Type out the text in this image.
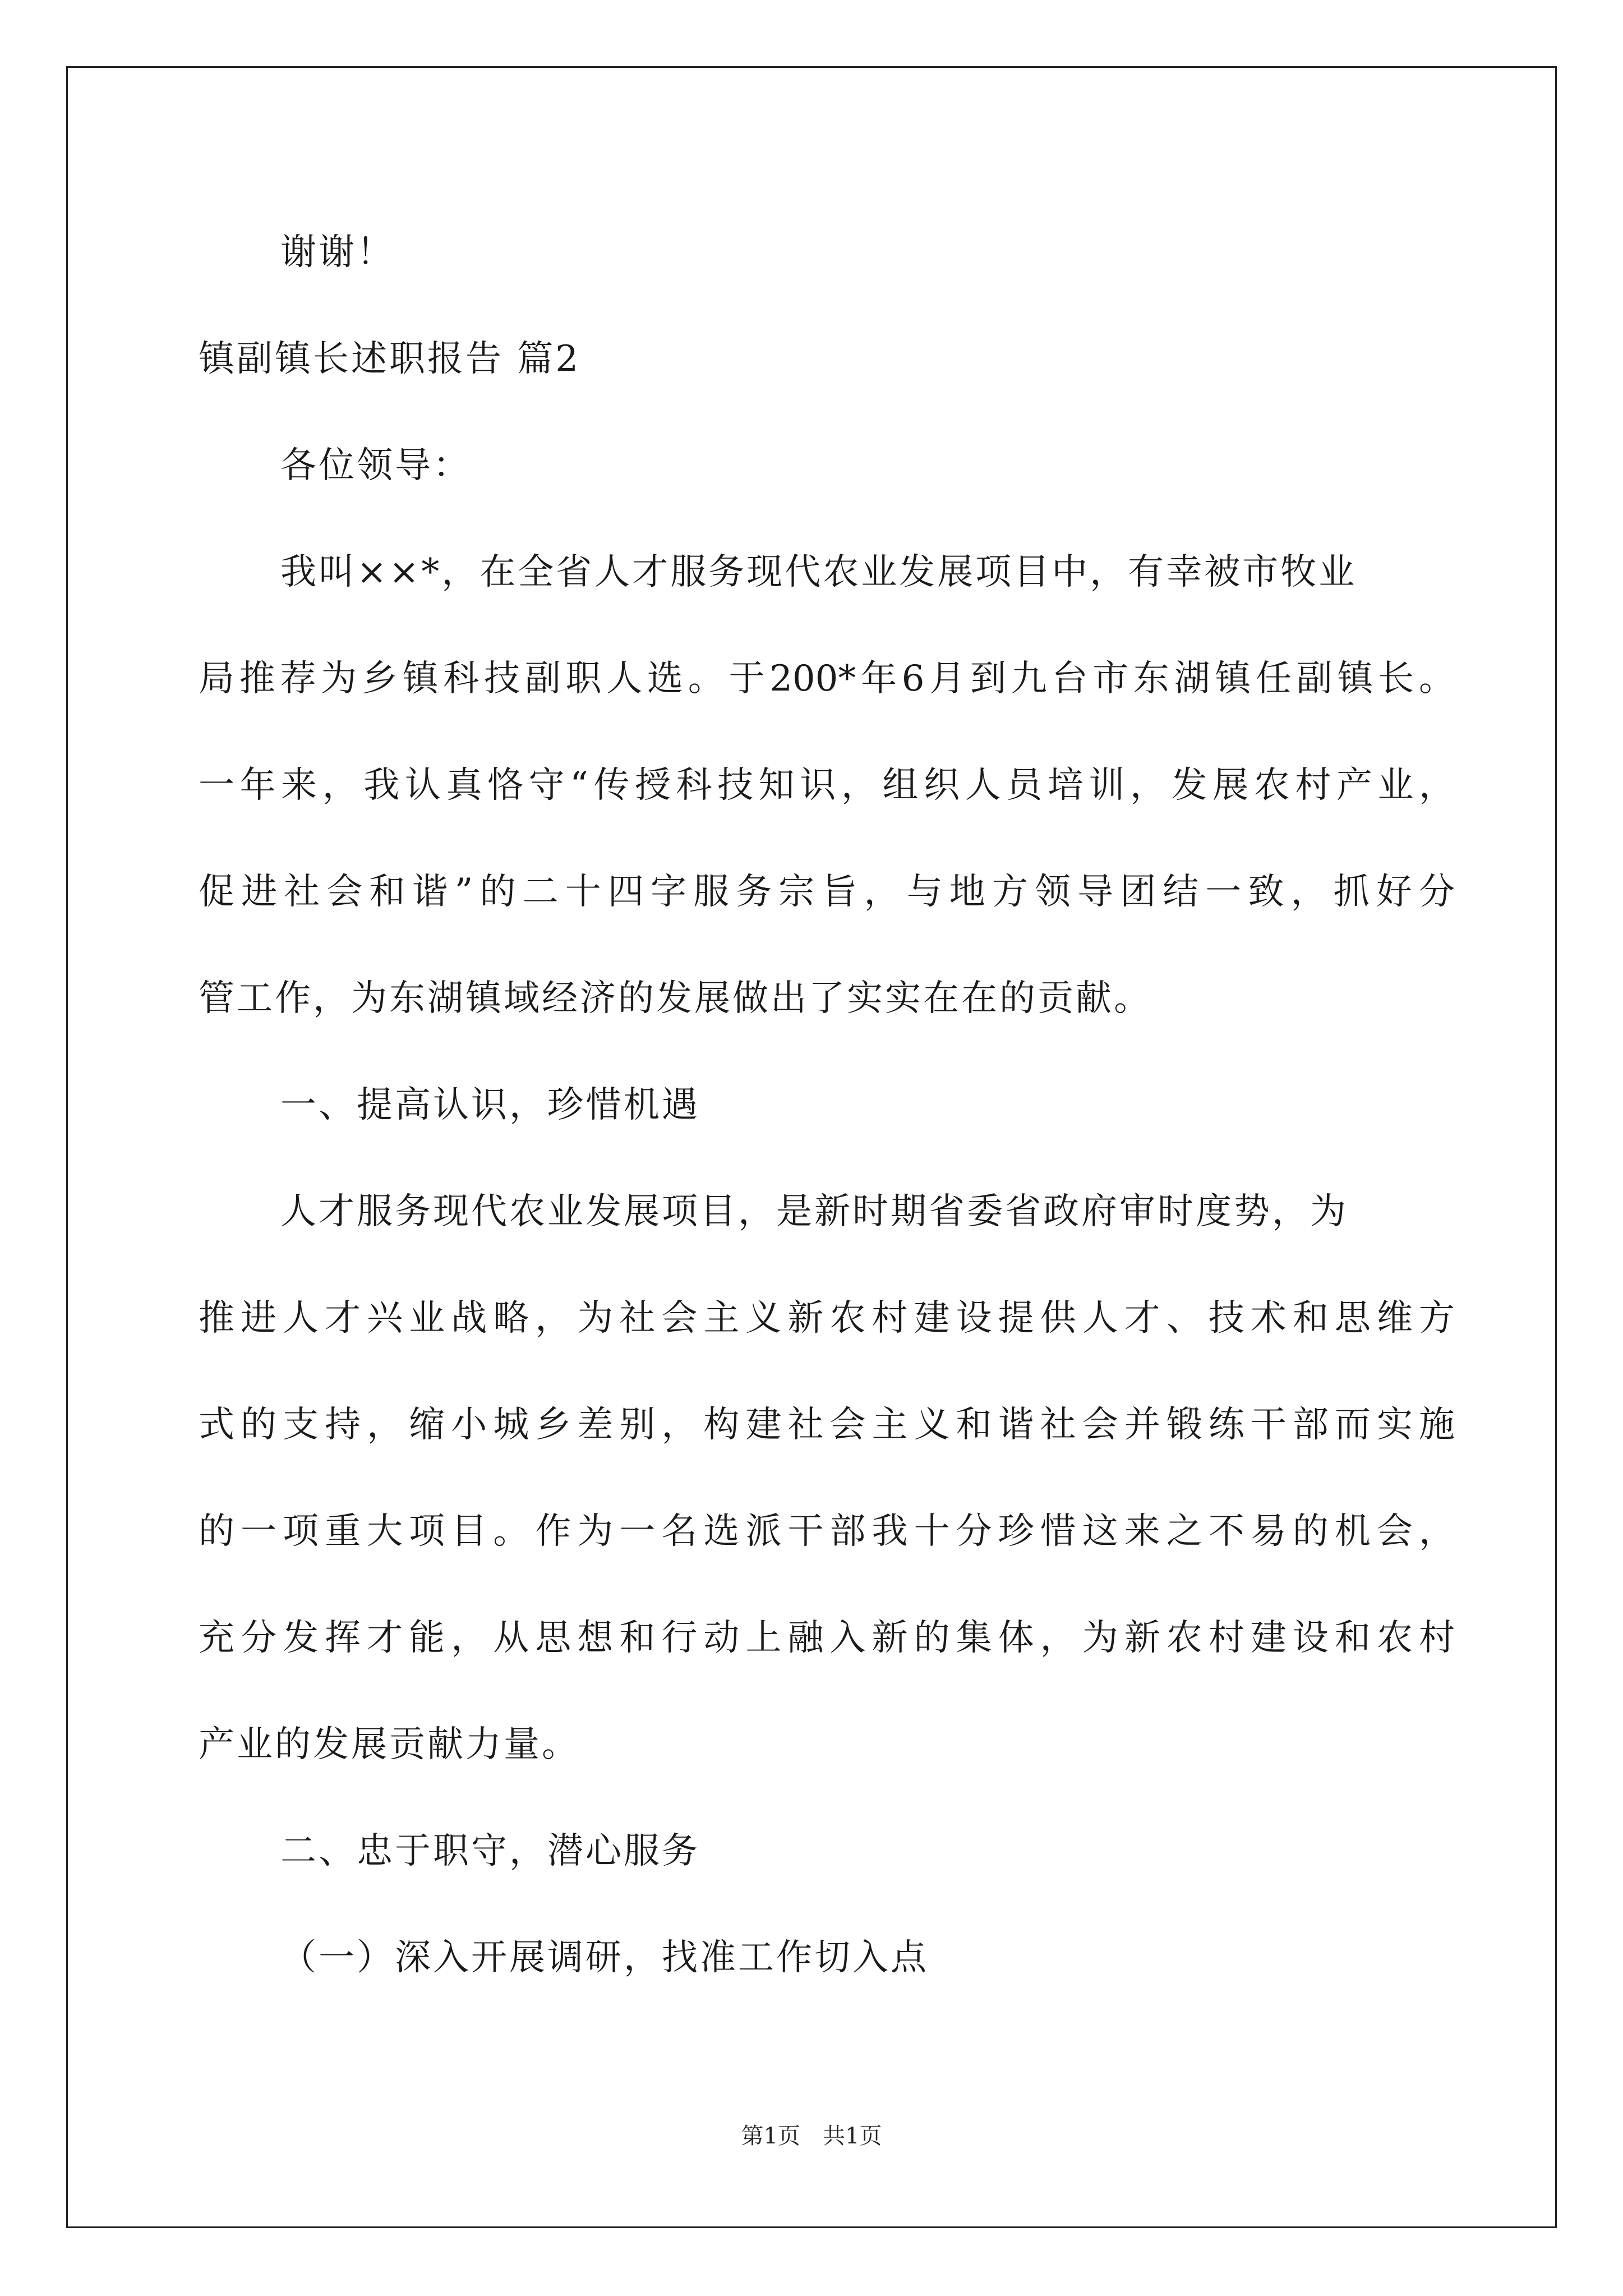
谢谢！

镇副镇长述职报告 篇2

各位领导：

我叫××*，在全省人才服务现代农业发展项目中，有幸被市牧业

局推荐为乡镇科技副职人选。于200*年6月到九台市东湖镇任副镇长。

一年来，我认真恪守“传授科技知识，组织人员培训，发展农村产业，

促进社会和谐”的二十四字服务宗旨，与地方领导团结一致，抓好分

管工作，为东湖镇域经济的发展做出了实实在在的贡献。

一、提高认识，珍惜机遇

人才服务现代农业发展项目，是新时期省委省政府审时度势，为

推进人才兴业战略，为社会主义新农村建设提供人才、技术和思维方

式的支持，缩小城乡差别，构建社会主义和谐社会并锻练干部而实施

的一项重大项目。作为一名选派干部我十分珍惜这来之不易的机会，

充分发挥才能，从思想和行动上融入新的集体，为新农村建设和农村

产业的发展贡献力量。

二、忠于职守，潜心服务

（一）深入开展调研，找准工作切入点

第1页　共1页
